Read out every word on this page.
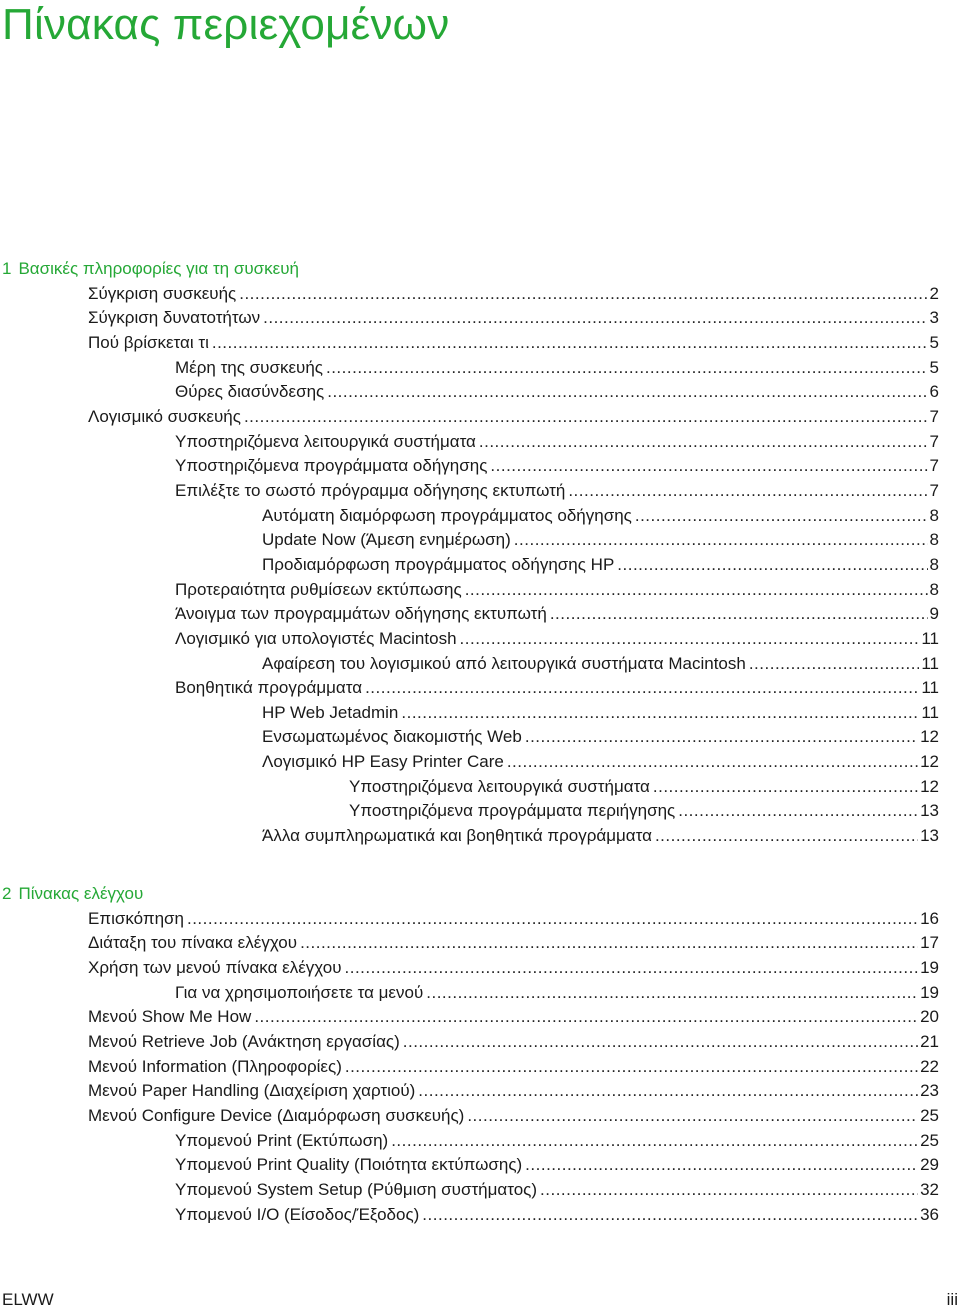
Πίνακας περιεχομένων
1 Βασικές πληροφορίες για τη συσκευή
Σύγκριση συσκευής .....	2
Σύγκριση δυνατοτήτων .....	3
Πού βρίσκεται τι .....	5
Μέρη της συσκευής .....	5
Θύρες διασύνδεσης .....	6
Λογισμικό συσκευής .....	7
Υποστηριζόμενα λειτουργικά συστήματα .....	7
Υποστηριζόμενα προγράμματα οδήγησης .....	7
Επιλέξτε το σωστό πρόγραμμα οδήγησης εκτυπωτή .....	7
Αυτόματη διαμόρφωση προγράμματος οδήγησης .....	8
Update Now (Άμεση ενημέρωση) .....	8
Προδιαμόρφωση προγράμματος οδήγησης HP .....	8
Προτεραιότητα ρυθμίσεων εκτύπωσης .....	8
Άνοιγμα των προγραμμάτων οδήγησης εκτυπωτή .....	9
Λογισμικό για υπολογιστές Macintosh .....	11
Αφαίρεση του λογισμικού από λειτουργικά συστήματα Macintosh .....	11
Βοηθητικά προγράμματα .....	11
HP Web Jetadmin .....	11
Ενσωματωμένος διακομιστής Web .....	12
Λογισμικό HP Easy Printer Care .....	12
Υποστηριζόμενα λειτουργικά συστήματα .....	12
Υποστηριζόμενα προγράμματα περιήγησης .....	13
Άλλα συμπληρωματικά και βοηθητικά προγράμματα .....	13
2 Πίνακας ελέγχου
Επισκόπηση .....	16
Διάταξη του πίνακα ελέγχου .....	17
Χρήση των μενού πίνακα ελέγχου .....	19
Για να χρησιμοποιήσετε τα μενού .....	19
Μενού Show Me How .....	20
Μενού Retrieve Job (Ανάκτηση εργασίας) .....	21
Μενού Information (Πληροφορίες) .....	22
Μενού Paper Handling (Διαχείριση χαρτιού) .....	23
Μενού Configure Device (Διαμόρφωση συσκευής) .....	25
Υπομενού Print (Εκτύπωση) .....	25
Υπομενού Print Quality (Ποιότητα εκτύπωσης) .....	29
Υπομενού System Setup (Ρύθμιση συστήματος) .....	32
Υπομενού I/O (Είσοδος/Έξοδος) .....	36
ELWW	iii
